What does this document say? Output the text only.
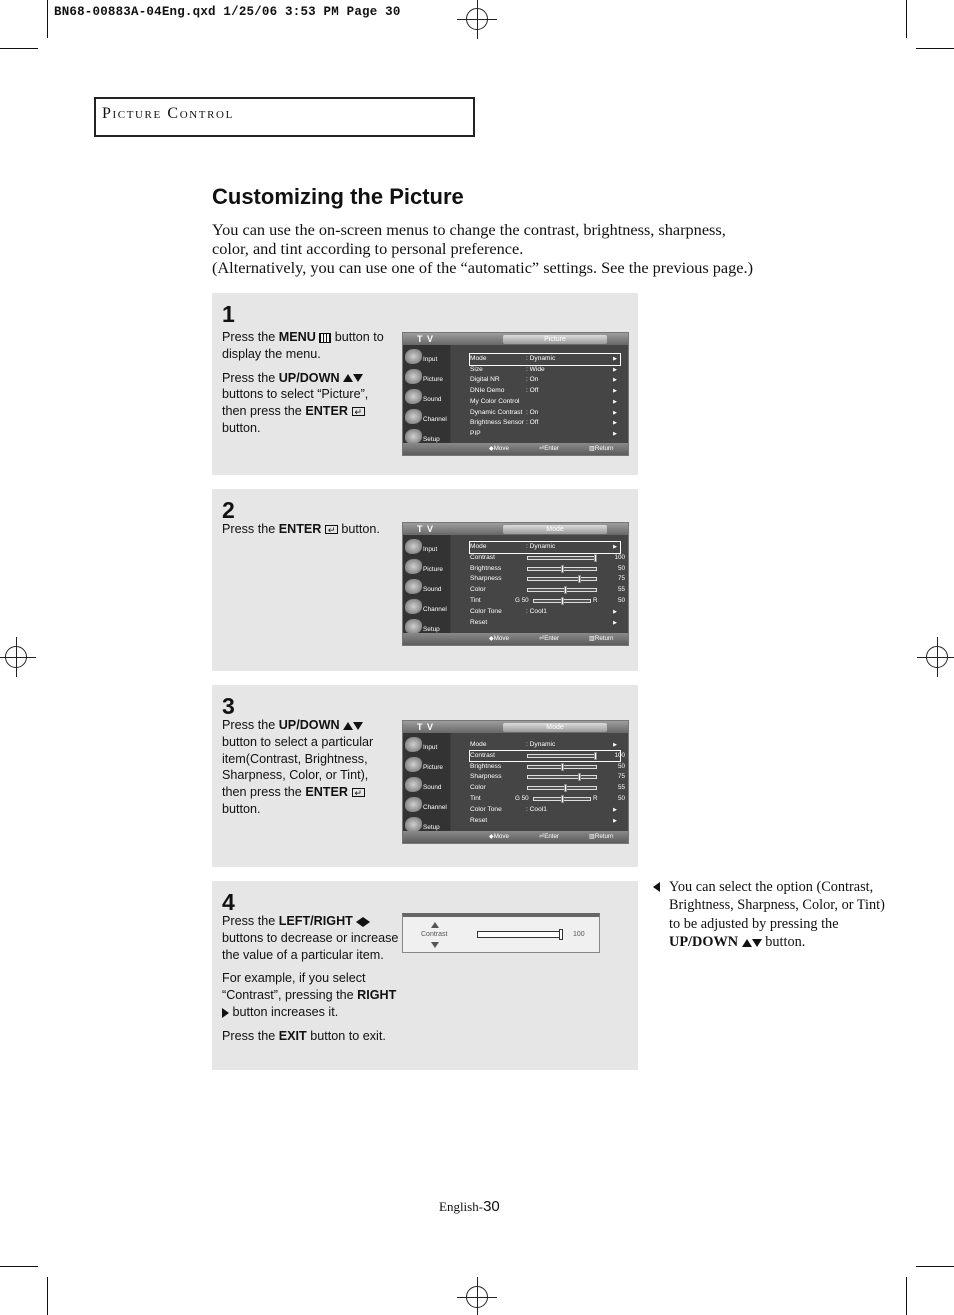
BN68-00883A-04Eng.qxd 1/25/06 3:53 PM Page 30
Picture Control
Customizing the Picture

You can use the on-screen menus to change the contrast, brightness, sharpness,

color, and tint according to personal preference.

(Alternatively, you can use one of the “automatic” settings. See the previous page.)

1

Press the MENU  button to display the menu.

Press the UP/DOWN  buttons to select “Picture”, then press the ENTER ↵ button.

T V	Picture
Input
Picture
Sound
Channel
Setup
Mode	: Dynamic	▶
Size	: Wide	▶
Digital NR	: On	▶
DNIe Demo	: Off	▶
My Color Control	▶
Dynamic Contrast : On	▶
Brightness Sensor : Off	▶
PIP	▶
◆ Move	⏎ Enter	▥ Return
2

Press the ENTER ↵ button.	T V	Mode
Input
Picture
Sound
Channel
Setup
Mode	: Dynamic	▶
Contrast	100
Brightness	50
Sharpness	75
Color	55
Tint	G 50	R	50
Color Tone	: Cool1	▶
Reset	▶
◆ Move	⏎ Enter	▥ Return
3

Press the UP/DOWN  button to select a particular item(Contrast, Brightness, Sharpness, Color, or Tint), then press the ENTER ↵ button.

T V	Mode
Input
Picture
Sound
Channel
Setup
Mode	: Dynamic	▶
Contrast	100
Brightness	50
Sharpness	75
Color	55
Tint	G 50	R	50
Color Tone	: Cool1	▶
Reset	▶
◆ Move	⏎ Enter	▥ Return
4

Press the LEFT/RIGHT  buttons to decrease or increase the value of a particular item.

For example, if you select “Contrast”, pressing the RIGHT  button increases it.

Press the EXIT button to exit.

Contrast	100
You can select the option (Contrast, Brightness, Sharpness, Color, or Tint) to be adjusted by pressing the UP/DOWN  button.
English-30
